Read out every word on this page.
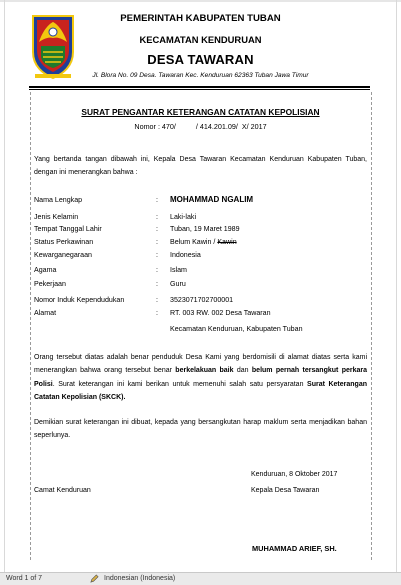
PEMERINTAH KABUPATEN TUBAN
KECAMATAN KENDURUAN
DESA TAWARAN
Jl. Blora No. 09 Desa. Tawaran Kec. Kenduruan 62363 Tuban Jawa Timur
SURAT PENGANTAR KETERANGAN CATATAN KEPOLISIAN
Nomor : 470/          / 414.201.09/  X/ 2017
Yang bertanda tangan dibawah ini, Kepala Desa Tawaran Kecamatan Kenduruan Kabupaten Tuban, dengan ini menerangkan bahwa :
Nama Lengkap	: MOHAMMAD NGALIM
Jenis Kelamin	: Laki-laki
Tempat Tanggal Lahir	: Tuban, 19 Maret 1989
Status Perkawinan	: Belum Kawin / Kawin
Kewarganegaraan	: Indonesia
Agama	: Islam
Pekerjaan	: Guru
Nomor Induk Kependudukan	: 3523071702700001
Alamat	: RT. 003 RW. 002 Desa Tawaran
Kecamatan Kenduruan, Kabupaten Tuban
Orang tersebut diatas adalah benar penduduk Desa Kami yang berdomisili di alamat diatas serta kami menerangkan bahwa orang tersebut benar berkelakuan baik dan belum pernah tersangkut perkara Polisi. Surat keterangan ini kami berikan untuk memenuhi salah satu persyaratan Surat Keterangan Catatan Kepolisian (SKCK).
Demikian surat keterangan ini dibuat, kepada yang bersangkutan harap maklum serta menjadikan bahan seperlunya.
Kenduruan, 8 Oktober 2017
Camat Kenduruan	Kepala Desa Tawaran
MUHAMMAD ARIEF, SH.
Word 1 of 7	Indonesian (Indonesia)
